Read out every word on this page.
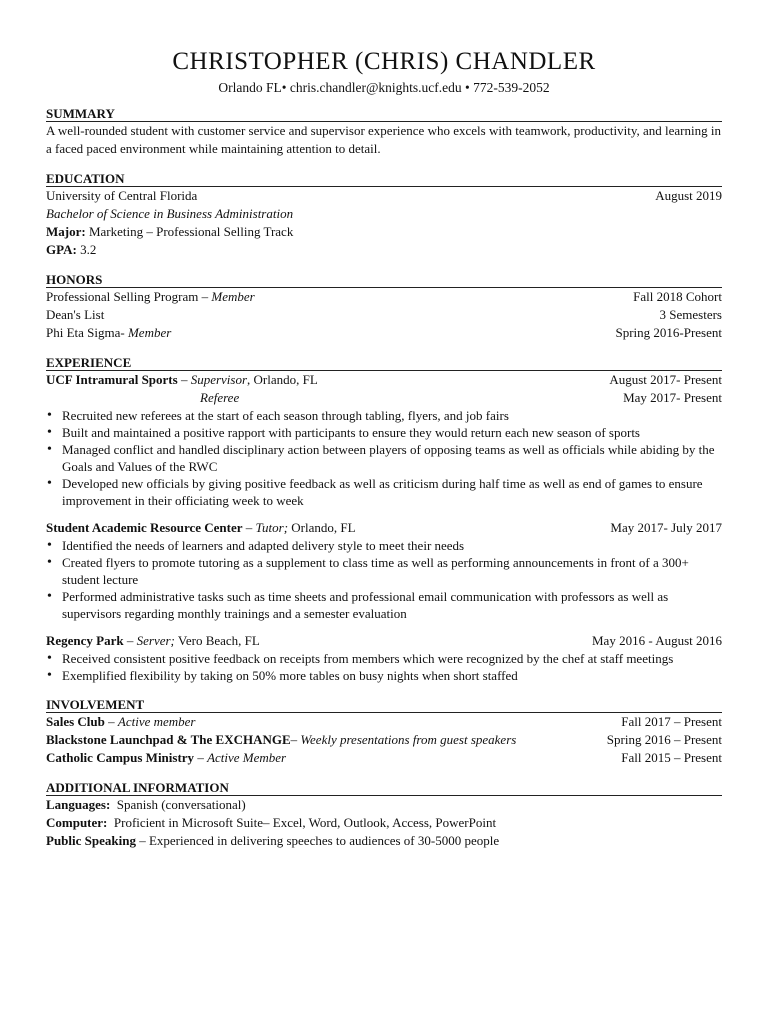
CHRISTOPHER (CHRIS) CHANDLER
Orlando FL• chris.chandler@knights.ucf.edu • 772-539-2052
SUMMARY
A well-rounded student with customer service and supervisor experience who excels with teamwork, productivity, and learning in a faced paced environment while maintaining attention to detail.
EDUCATION
University of Central Florida	August 2019
Bachelor of Science in Business Administration
Major: Marketing – Professional Selling Track
GPA: 3.2
HONORS
Professional Selling Program – Member	Fall 2018 Cohort
Dean's List	3 Semesters
Phi Eta Sigma- Member	Spring 2016-Present
EXPERIENCE
UCF Intramural Sports – Supervisor, Orlando, FL	August 2017- Present
Referee	May 2017- Present
• Recruited new referees at the start of each season through tabling, flyers, and job fairs
• Built and maintained a positive rapport with participants to ensure they would return each new season of sports
• Managed conflict and handled disciplinary action between players of opposing teams as well as officials while abiding by the Goals and Values of the RWC
• Developed new officials by giving positive feedback as well as criticism during half time as well as end of games to ensure improvement in their officiating week to week
Student Academic Resource Center – Tutor; Orlando, FL	May 2017- July 2017
• Identified the needs of learners and adapted delivery style to meet their needs
• Created flyers to promote tutoring as a supplement to class time as well as performing announcements in front of a 300+ student lecture
• Performed administrative tasks such as time sheets and professional email communication with professors as well as supervisors regarding monthly trainings and a semester evaluation
Regency Park – Server; Vero Beach, FL	May 2016 - August 2016
• Received consistent positive feedback on receipts from members which were recognized by the chef at staff meetings
• Exemplified flexibility by taking on 50% more tables on busy nights when short staffed
INVOLVEMENT
Sales Club – Active member	Fall 2017 – Present
Blackstone Launchpad & The EXCHANGE– Weekly presentations from guest speakers	Spring 2016 – Present
Catholic Campus Ministry – Active Member	Fall 2015 – Present
ADDITIONAL INFORMATION
Languages:  Spanish (conversational)
Computer:  Proficient in Microsoft Suite– Excel, Word, Outlook, Access, PowerPoint
Public Speaking – Experienced in delivering speeches to audiences of 30-5000 people
